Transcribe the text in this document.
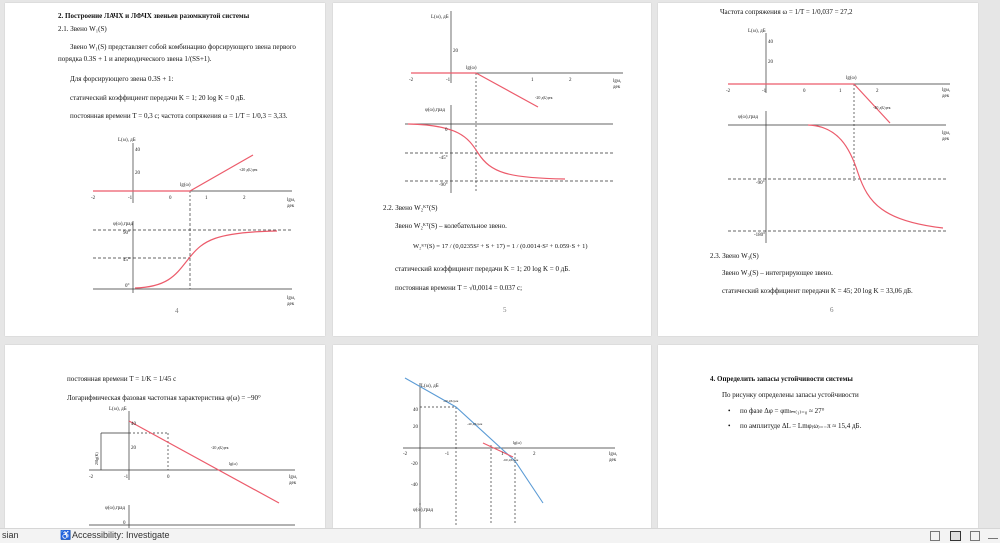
2. Построение ЛАЧХ и ЛФЧХ звеньев разомкнутой системы
2.1. Звено W₁(S)
Звено W₁(S) представляет собой комбинацию форсирующего звена первого
порядка 0.3S + 1 и апериодического звена 1/(SS+1).
Для форсирующего звена 0.3S + 1:
статический коэффициент передачи K = 1; 20 log K = 0 дБ.
постоянная времени T = 0,3 с; частота сопряжения ω = 1/T = 1/0,3 = 3,33.
L(ω), дБ
40
20
-2	-1	0	1	2
lg(ω)
lgω,
дек
+20 дБ/дек
φ(ω),град
90°
45°
0°
lgω,
дек
4
L(ω), дБ
20
-2	-1	1	2
lg(ω)
lgω,
дек
-20 дБ/дек
φ(ω),град
0
-45°
-90°
2.2. Звено W₂ᴷᵀ(S)
Звено W₂ᴷᵀ(S) – колебательное звено.
W₂ᴷᵀ(S) = 17 / (0,0235S² + S + 17) = 1 / (0.0014·S² + 0.059·S + 1)
статический коэффициент передачи K = 1; 20 log K = 0 дБ.
постоянная времени T = √0,0014 = 0.037 с;
5
Частота сопряжения ω = 1/T = 1/0,037 = 27,2
L(ω), дБ
40
20
-2	-1	0	1	2
lg(ω)
lgω,
дек
-40 дБ/дек
φ(ω),град
-90°
-180°
lgω,
дек
2.3. Звено W₃(S)
Звено W₃(S) – интегрирующее звено.
статический коэффициент передачи K = 45; 20 log K = 33,06 дБ.
6
постоянная времени T = 1/K = 1/45 с
Логарифмическая фазовая частотная характеристика φ(ω) = −90°
L(ω), дБ
40
20
20lg(K)
-2	-1	0
lg(ω)
lgω,
дек
-20 дБ/дек
φ(ω),град
0
L(ω), дБ
40
20
-20
-40
-2	-1	1	2
lg(ω)
lgω,
дек
-20 дБ/дек
-40 дБ/дек
-60 дБ/дек
φ(ω),град
4. Определить запасы устойчивости системы
По рисунку определены запасы устойчивости
• по фазе Δφ = φmₗₘ₍₁₎₌₀ ≈ 27°
• по амплитуде ΔL = Lmφ₍ω₎₌₋π ≈ 15,4 дБ.
sian	♿ Accessibility: Investigate
